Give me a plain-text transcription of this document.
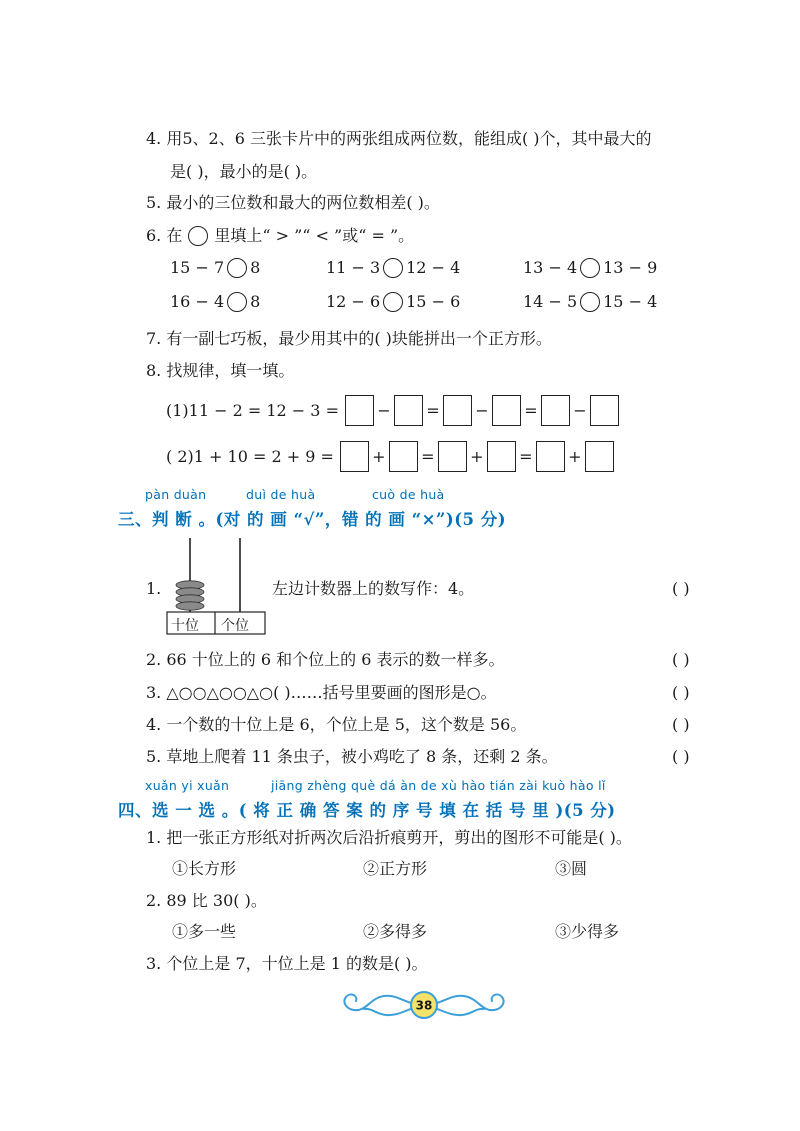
4. 用5、2、6 三张卡片中的两张组成两位数，能组成( )个，其中最大的
是( )，最小的是( )。
5. 最小的三位数和最大的两位数相差( )。
6. 在 里填上“ > ”“ < ”或“ = ”。
15 − 7 8	11 − 3 12 − 4	13 − 4 13 − 9
16 − 4 8	12 − 6 15 − 6	14 − 5 15 − 4
7. 有一副七巧板，最少用其中的( )块能拼出一个正方形。
8. 找规律，填一填。
(1)11 − 2 = 12 − 3 = − = − = −
( 2)1 + 10 = 2 + 9 = + = + = +
pàn duàn	duì de huà	cuò de huà
三、判 断 。(对 的 画 “√”，错 的 画 “×”)(5 分)
十位 个位
1.	左边计数器上的数写作：4。	( )
2. 66 十位上的 6 和个位上的 6 表示的数一样多。	( )
3. △○○△○○△○( )……括号里要画的图形是○。	( )
4. 一个数的十位上是 6，个位上是 5，这个数是 56。	( )
5. 草地上爬着 11 条虫子，被小鸡吃了 8 条，还剩 2 条。	( )
xuǎn yi xuǎn	jiāng zhèng què dá àn de xù hào tián zài kuò hào lǐ
四、选 一 选 。( 将 正 确 答 案 的 序 号 填 在 括 号 里 )(5 分)
1. 把一张正方形纸对折两次后沿折痕剪开，剪出的图形不可能是( )。
①长方形	②正方形	③圆
2. 89 比 30( )。
①多一些	②多得多	③少得多
3. 个位上是 7，十位上是 1 的数是( )。
38
